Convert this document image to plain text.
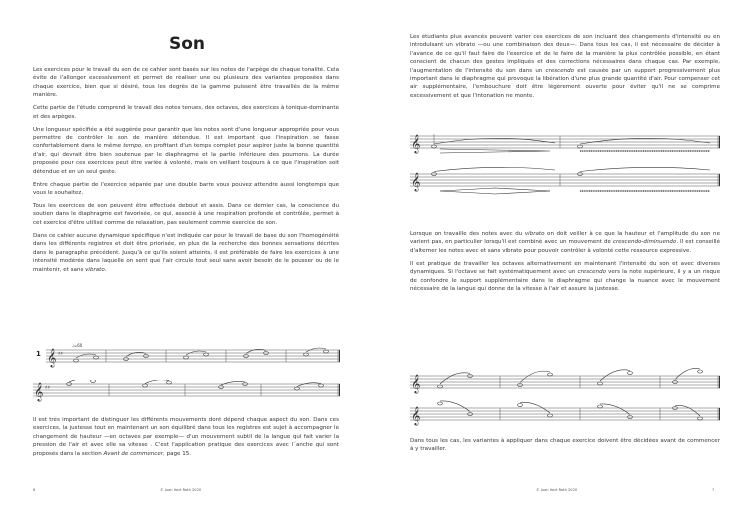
Son

Les exercices pour le travail du son de ce cahier sont basés sur les notes de l'arpège de chaque tonalité. Cela évite de l'allonger excessivement et permet de réaliser une ou plusieurs des variantes proposées dans chaque exercice, bien que si désiré, tous les degrés de la gamme puissent être travaillés de la même manière.

Cette partie de l'étude comprend le travail des notes tenues, des octaves, des exercices à tonique-dominante et des arpèges.

Une longueur spécifiée a été suggérée pour garantir que les notes sont d'une longueur appropriée pour vous permettre de contrôler le son de manière détendue. Il est important que l'inspiration se fasse confortablement dans le même tempo, en profitant d'un temps complet pour aspirer juste la bonne quantité d'air, qui devrait être bien soutenue par le diaphragme et la partie inférieure des poumons. La durée proposée pour ces exercices peut être variée à volonté, mais en veillant toujours à ce que l'inspiration soit détendue et en un seul geste.

Entre chaque partie de l'exercice séparée par une double barre vous pouvez attendre aussi longtemps que vous le souhaitez.

Tous les exercices de son peuvent être effectués debout et assis. Dans ce dernier cas, la conscience du soutien dans le diaphragme est favorisée, ce qui, associé à une respiration profonde et contrôlée, permet à cet exercice d'être utilisé comme de relaxation, pas seulement comme exercice de son.

Dans ce cahier aucune dynamique spécifique n'est indiquée car pour le travail de base du son l'homogénéité dans les différents registres et doit être priorisée, en plus de la recherche des bonnes sensations décrites dans le paragraphe précédent. Jusqu'à ce qu'ils soient atteints, il est préférable de faire les exercices à une intensité modérée dans laquelle on sent que l'air circule tout seul sans avoir besoin de le pousser ou de le maintenir, et sans vibrato.

1
♩=60
𝄞 ♯♯
𝄞 ♯♯

Il est très important de distinguer les différents mouvements dont dépend chaque aspect du son. Dans ces exercices, la justesse tout en maintenant un son équilibré dans tous les registres est sujet à accompagner le changement de hauteur —en octaves par exemple— d'un mouvement subtil de la langue qui fait varier la pression de l'air et avec elle sa vitesse . C'est l'application pratique des exercices avec l´anche qui sont proposés dans la section Avant de commencer, page 15.

6	© Juan Hart Roth 2020

Les étudiants plus avancés peuvent varier ces exercices de son incluant des changements d'intensité ou en introdulsant un vibrato —ou une combinaison des deux—. Dans tous les cas, il est nécessaire de décider à l'avance de ce qu'il faut faire de l'exercice et de le faire de la manière la plus contrôlée possible, en étant conscient de chacun des gestes impliqués et des corrections nécessaires dans chaque cas. Par exemple, l'augmentation de l'intensité du son dans un crescendo est causée par un support progressivement plus important dans le diaphragme qui provoque la libération d'une plus grande quantité d'air. Pour compenser cet air supplémentaire, l'embouchure doit être légèrement ouverte pour éviter qu'il ne se comprime excessivement et que l'intonation ne monte.

𝄞
𝄞

Lorsque on travaille des notes avec du vibrato on doit veiller à ce que la hauteur et l'amplitude du son ne varient pas, en particulier lorsqu'il est combiné avec un mouvement de crescendo-diminuendo. Il est conseillé d'alterner les notes avec et sans vibrato pour pouvoir contrôler à volonté cette ressource expressive.

Il est pratique de travailler les octaves alternativement en maintenant l'intensité du son et avec diverses dynamiques. Si l'octave se fait systématiquement avec un crescendo vers la note supérieure, il y a un risque de confondre le support supplémentaire dans le diaphragme qui change la nuance avec le mouvement nécessaire de la langue qui donne de la vitesse à l'air et assure la justesse.

𝄞
𝄞

Dans tous les cas, les variantes à appliquer dans chaque exercice doivent être décidées avant de commencer à y travailler.

© Juan Hart Roth 2020	7
